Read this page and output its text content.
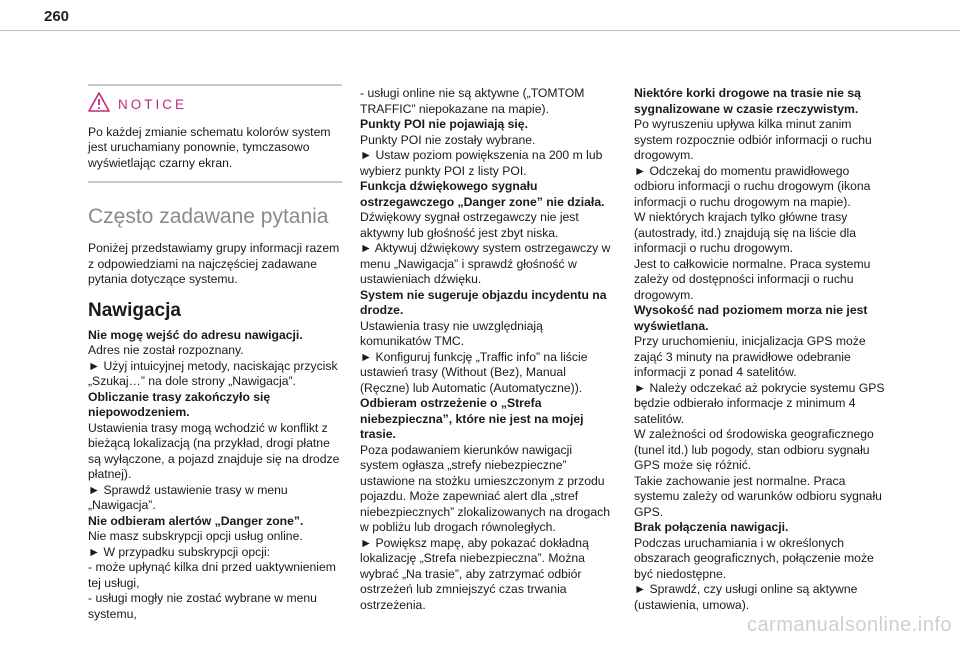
260
NOTICE

Po każdej zmianie schematu kolorów system jest uruchamiany ponownie, tymczasowo wyświetlając czarny ekran.

Często zadawane pytania

Poniżej przedstawiamy grupy informacji razem z odpowiedziami na najczęściej zadawane pytania dotyczące systemu.

Nawigacja

Nie mogę wejść do adresu nawigacji.

Adres nie został rozpoznany.

► Użyj intuicyjnej metody, naciskając przycisk „Szukaj…” na dole strony „Nawigacja”.

Obliczanie trasy zakończyło się niepowodzeniem.

Ustawienia trasy mogą wchodzić w konflikt z bieżącą lokalizacją (na przykład, drogi płatne są wyłączone, a pojazd znajduje się na drodze płatnej).

► Sprawdź ustawienie trasy w menu „Nawigacja”.

Nie odbieram alertów „Danger zone”.

Nie masz subskrypcji opcji usług online.

► W przypadku subskrypcji opcji:

- może upłynąć kilka dni przed uaktywnieniem tej usługi,

- usługi mogły nie zostać wybrane w menu systemu,

- usługi online nie są aktywne („TOMTOM TRAFFIC” niepokazane na mapie).

Punkty POI nie pojawiają się.

Punkty POI nie zostały wybrane.

► Ustaw poziom powiększenia na 200 m lub wybierz punkty POI z listy POI.

Funkcja dźwiękowego sygnału ostrzegawczego „Danger zone” nie działa.

Dźwiękowy sygnał ostrzegawczy nie jest aktywny lub głośność jest zbyt niska.

► Aktywuj dźwiękowy system ostrzegawczy w menu „Nawigacja” i sprawdź głośność w ustawieniach dźwięku.

System nie sugeruje objazdu incydentu na drodze.

Ustawienia trasy nie uwzględniają komunikatów TMC.

► Konfiguruj funkcję „Traffic info” na liście ustawień trasy (Without (Bez), Manual (Ręczne) lub Automatic (Automatyczne)).

Odbieram ostrzeżenie o „Strefa niebezpieczna”, które nie jest na mojej trasie.

Poza podawaniem kierunków nawigacji system ogłasza „strefy niebezpieczne” ustawione na stożku umieszczonym z przodu pojazdu. Może zapewniać alert dla „stref niebezpiecznych” zlokalizowanych na drogach w pobliżu lub drogach równoległych.

► Powiększ mapę, aby pokazać dokładną lokalizację „Strefa niebezpieczna”. Można wybrać „Na trasie”, aby zatrzymać odbiór ostrzeżeń lub zmniejszyć czas trwania ostrzeżenia.

Niektóre korki drogowe na trasie nie są sygnalizowane w czasie rzeczywistym.

Po wyruszeniu upływa kilka minut zanim system rozpocznie odbiór informacji o ruchu drogowym.

► Odczekaj do momentu prawidłowego odbioru informacji o ruchu drogowym (ikona informacji o ruchu drogowym na mapie).

W niektórych krajach tylko główne trasy (autostrady, itd.) znajdują się na liście dla informacji o ruchu drogowym.

Jest to całkowicie normalne. Praca systemu zależy od dostępności informacji o ruchu drogowym.

Wysokość nad poziomem morza nie jest wyświetlana.

Przy uruchomieniu, inicjalizacja GPS może zająć 3 minuty na prawidłowe odebranie informacji z ponad 4 satelitów.

► Należy odczekać aż pokrycie systemu GPS będzie odbierało informacje z minimum 4 satelitów.

W zależności od środowiska geograficznego (tunel itd.) lub pogody, stan odbioru sygnału GPS może się różnić.

Takie zachowanie jest normalne. Praca systemu zależy od warunków odbioru sygnału GPS.

Brak połączenia nawigacji.

Podczas uruchamiania i w określonych obszarach geograficznych, połączenie może być niedostępne.

► Sprawdź, czy usługi online są aktywne (ustawienia, umowa).

carmanualsonline.info
